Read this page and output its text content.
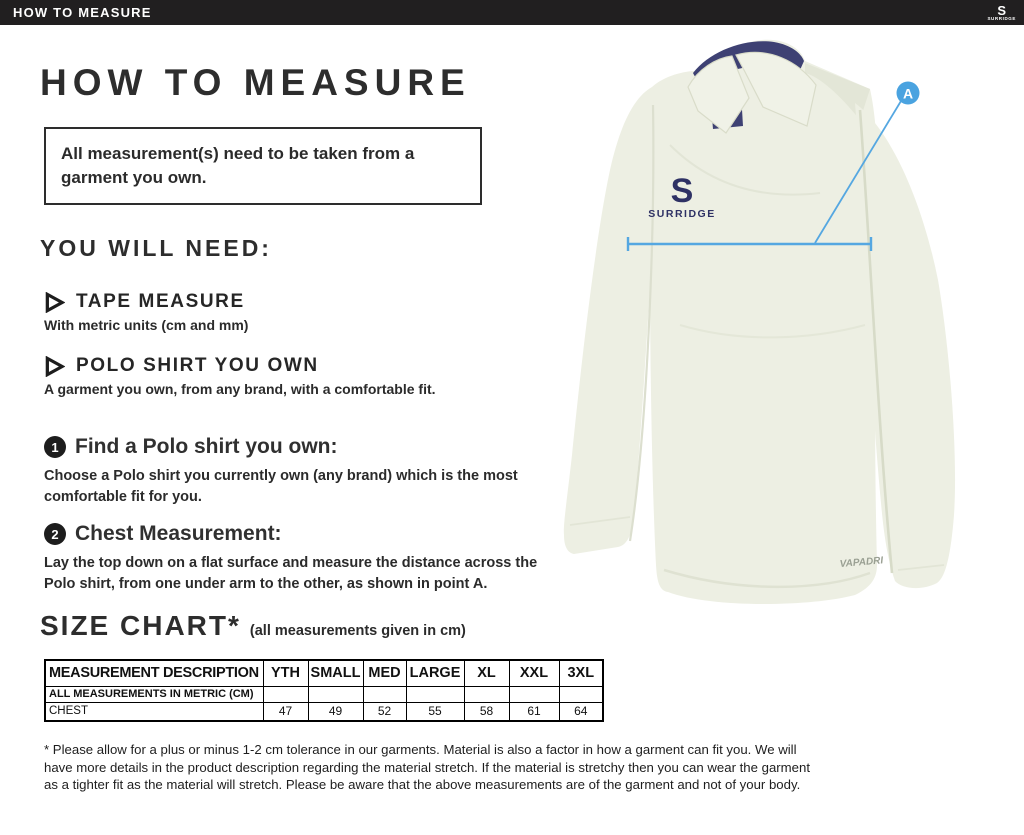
HOW TO MEASURE	S
SURRIDGE
HOW TO MEASURE

All measurement(s) need to be taken from a garment you own.

YOU WILL NEED:
TAPE MEASURE
With metric units (cm and mm)
POLO SHIRT YOU OWN
A garment you own, from any brand, with a comfortable fit.
1 Find a Polo shirt you own:
Choose a Polo shirt you currently own (any brand) which is the most comfortable fit for you.
2 Chest Measurement:
Lay the top down on a flat surface and measure the distance across the Polo shirt, from one under arm to the other, as shown in point A.
SIZE CHART* (all measurements given in cm)
MEASUREMENT DESCRIPTION	YTH	SMALL	MED	LARGE	XL	XXL	3XL
ALL MEASUREMENTS IN METRIC (CM)							
CHEST	47	49	52	55	58	61	64
* Please allow for a plus or minus 1-2 cm tolerance in our garments. Material is also a factor in how a garment can fit you. We will have more details in the product description regarding the material stretch. If the material is stretchy then you can wear the garment as a tighter fit as the material will stretch. Please be aware that the above measurements are of the garment and not of your body.
S
SURRIDGE
VAPADRI
A
